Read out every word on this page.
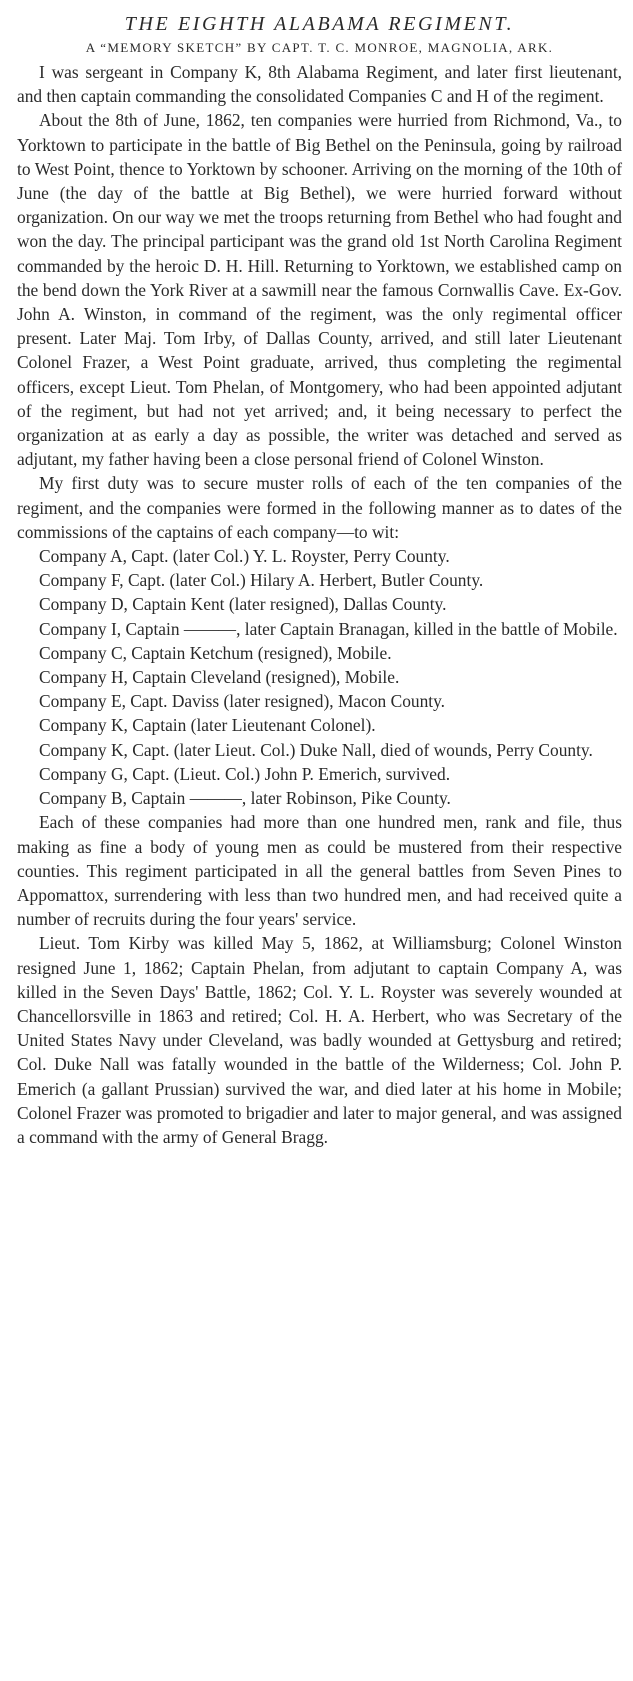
THE EIGHTH ALABAMA REGIMENT.
A “MEMORY SKETCH” BY CAPT. T. C. MONROE, MAGNOLIA, ARK.

I was sergeant in Company K, 8th Alabama Regiment, and later first lieutenant, and then captain commanding the consolidated Companies C and H of the regiment.

About the 8th of June, 1862, ten companies were hurried from Richmond, Va., to Yorktown to participate in the battle of Big Bethel on the Peninsula, going by railroad to West Point, thence to Yorktown by schooner. Arriving on the morning of the 10th of June (the day of the battle at Big Bethel), we were hurried forward without organization. On our way we met the troops returning from Bethel who had fought and won the day. The principal participant was the grand old 1st North Carolina Regiment commanded by the heroic D. H. Hill. Returning to Yorktown, we established camp on the bend down the York River at a sawmill near the famous Cornwallis Cave. Ex-Gov. John A. Winston, in command of the regiment, was the only regimental officer present. Later Maj. Tom Irby, of Dallas County, arrived, and still later Lieutenant Colonel Frazer, a West Point graduate, arrived, thus completing the regimental officers, except Lieut. Tom Phelan, of Montgomery, who had been appointed adjutant of the regiment, but had not yet arrived; and, it being necessary to perfect the organization at as early a day as possible, the writer was detached and served as adjutant, my father having been a close personal friend of Colonel Winston.

My first duty was to secure muster rolls of each of the ten companies of the regiment, and the companies were formed in the following manner as to dates of the commissions of the captains of each company—to wit:

Company A, Capt. (later Col.) Y. L. Royster, Perry County.

Company F, Capt. (later Col.) Hilary A. Herbert, Butler County.

Company D, Captain Kent (later resigned), Dallas County.

Company I, Captain ———, later Captain Branagan, killed in the battle of Mobile.

Company C, Captain Ketchum (resigned), Mobile.

Company H, Captain Cleveland (resigned), Mobile.

Company E, Capt. Daviss (later resigned), Macon County.

Company K, Captain (later Lieutenant Colonel).

Company K, Capt. (later Lieut. Col.) Duke Nall, died of wounds, Perry County.

Company G, Capt. (Lieut. Col.) John P. Emerich, survived.

Company B, Captain ———, later Robinson, Pike County.

Each of these companies had more than one hundred men, rank and file, thus making as fine a body of young men as could be mustered from their respective counties. This regiment participated in all the general battles from Seven Pines to Appomattox, surrendering with less than two hundred men, and had received quite a number of recruits during the four years' service.

Lieut. Tom Kirby was killed May 5, 1862, at Williamsburg; Colonel Winston resigned June 1, 1862; Captain Phelan, from adjutant to captain Company A, was killed in the Seven Days' Battle, 1862; Col. Y. L. Royster was severely wounded at Chancellorsville in 1863 and retired; Col. H. A. Herbert, who was Secretary of the United States Navy under Cleveland, was badly wounded at Gettysburg and retired; Col. Duke Nall was fatally wounded in the battle of the Wilderness; Col. John P. Emerich (a gallant Prussian) survived the war, and died later at his home in Mobile; Colonel Frazer was promoted to brigadier and later to major general, and was assigned a command with the army of General Bragg.
